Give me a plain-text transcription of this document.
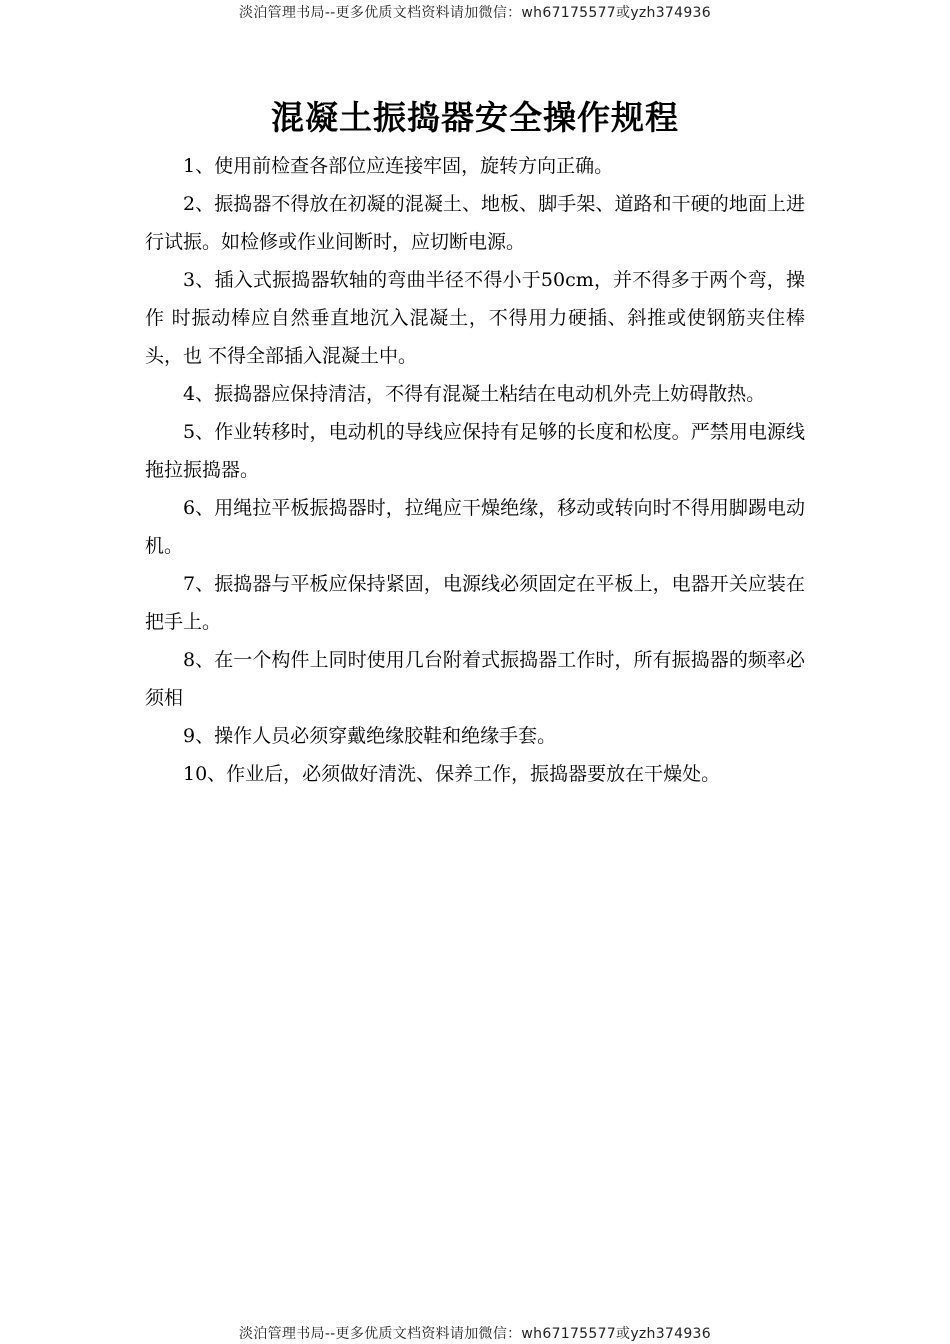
淡泊管理书局--更多优质文档资料请加微信：wh67175577或yzh374936
混凝土振捣器安全操作规程

1、使用前检查各部位应连接牢固，旋转方向正确。

2、振捣器不得放在初凝的混凝土、地板、脚手架、道路和干硬的地面上进 行试振。如检修或作业间断时，应切断电源。

3、插入式振捣器软轴的弯曲半径不得小于50cm，并不得多于两个弯，操作 时振动棒应自然垂直地沉入混凝土，不得用力硬插、斜推或使钢筋夹住棒头，也 不得全部插入混凝土中。

4、振捣器应保持清洁，不得有混凝土粘结在电动机外壳上妨碍散热。

5、作业转移时，电动机的导线应保持有足够的长度和松度。严禁用电源线 拖拉振捣器。

6、用绳拉平板振捣器时，拉绳应干燥绝缘，移动或转向时不得用脚踢电动机。

7、振捣器与平板应保持紧固，电源线必须固定在平板上，电器开关应装在 把手上。

8、在一个构件上同时使用几台附着式振捣器工作时，所有振捣器的频率必须相

9、操作人员必须穿戴绝缘胶鞋和绝缘手套。

10、作业后，必须做好清洗、保养工作，振捣器要放在干燥处。

淡泊管理书局--更多优质文档资料请加微信：wh67175577或yzh374936
